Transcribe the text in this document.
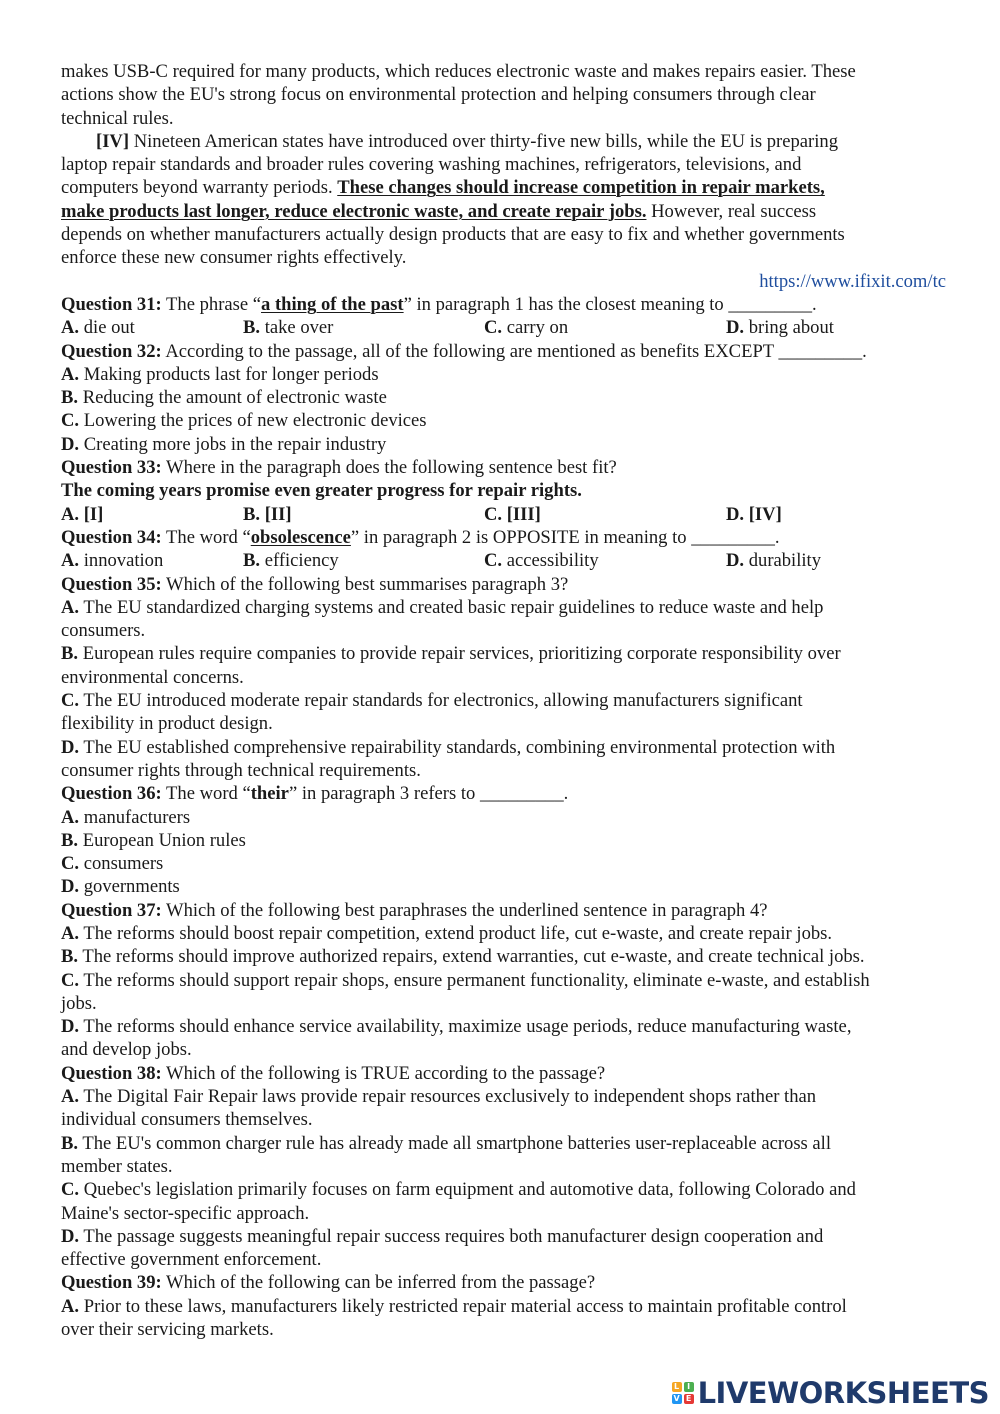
makes USB-C required for many products, which reduces electronic waste and makes repairs easier. These
actions show the EU's strong focus on environmental protection and helping consumers through clear
technical rules.
[IV] Nineteen American states have introduced over thirty-five new bills, while the EU is preparing
laptop repair standards and broader rules covering washing machines, refrigerators, televisions, and
computers beyond warranty periods. These changes should increase competition in repair markets,
make products last longer, reduce electronic waste, and create repair jobs. However, real success
depends on whether manufacturers actually design products that are easy to fix and whether governments
enforce these new consumer rights effectively.
https://www.ifixit.com/tc
Question 31: The phrase “a thing of the past” in paragraph 1 has the closest meaning to _________.
A. die out	B. take over	C. carry on	D. bring about
Question 32: According to the passage, all of the following are mentioned as benefits EXCEPT _________.
A. Making products last for longer periods
B. Reducing the amount of electronic waste
C. Lowering the prices of new electronic devices
D. Creating more jobs in the repair industry
Question 33: Where in the paragraph does the following sentence best fit?
The coming years promise even greater progress for repair rights.
A. [I]	B. [II]	C. [III]	D. [IV]
Question 34: The word “obsolescence” in paragraph 2 is OPPOSITE in meaning to _________.
A. innovation	B. efficiency	C. accessibility	D. durability
Question 35: Which of the following best summarises paragraph 3?
A. The EU standardized charging systems and created basic repair guidelines to reduce waste and help
consumers.
B. European rules require companies to provide repair services, prioritizing corporate responsibility over
environmental concerns.
C. The EU introduced moderate repair standards for electronics, allowing manufacturers significant
flexibility in product design.
D. The EU established comprehensive repairability standards, combining environmental protection with
consumer rights through technical requirements.
Question 36: The word “their” in paragraph 3 refers to _________.
A. manufacturers
B. European Union rules
C. consumers
D. governments
Question 37: Which of the following best paraphrases the underlined sentence in paragraph 4?
A. The reforms should boost repair competition, extend product life, cut e-waste, and create repair jobs.
B. The reforms should improve authorized repairs, extend warranties, cut e-waste, and create technical jobs.
C. The reforms should support repair shops, ensure permanent functionality, eliminate e-waste, and establish
jobs.
D. The reforms should enhance service availability, maximize usage periods, reduce manufacturing waste,
and develop jobs.
Question 38: Which of the following is TRUE according to the passage?
A. The Digital Fair Repair laws provide repair resources exclusively to independent shops rather than
individual consumers themselves.
B. The EU's common charger rule has already made all smartphone batteries user-replaceable across all
member states.
C. Quebec's legislation primarily focuses on farm equipment and automotive data, following Colorado and
Maine's sector-specific approach.
D. The passage suggests meaningful repair success requires both manufacturer design cooperation and
effective government enforcement.
Question 39: Which of the following can be inferred from the passage?
A. Prior to these laws, manufacturers likely restricted repair material access to maintain profitable control
over their servicing markets.
L I
V E LIVEWORKSHEETS
